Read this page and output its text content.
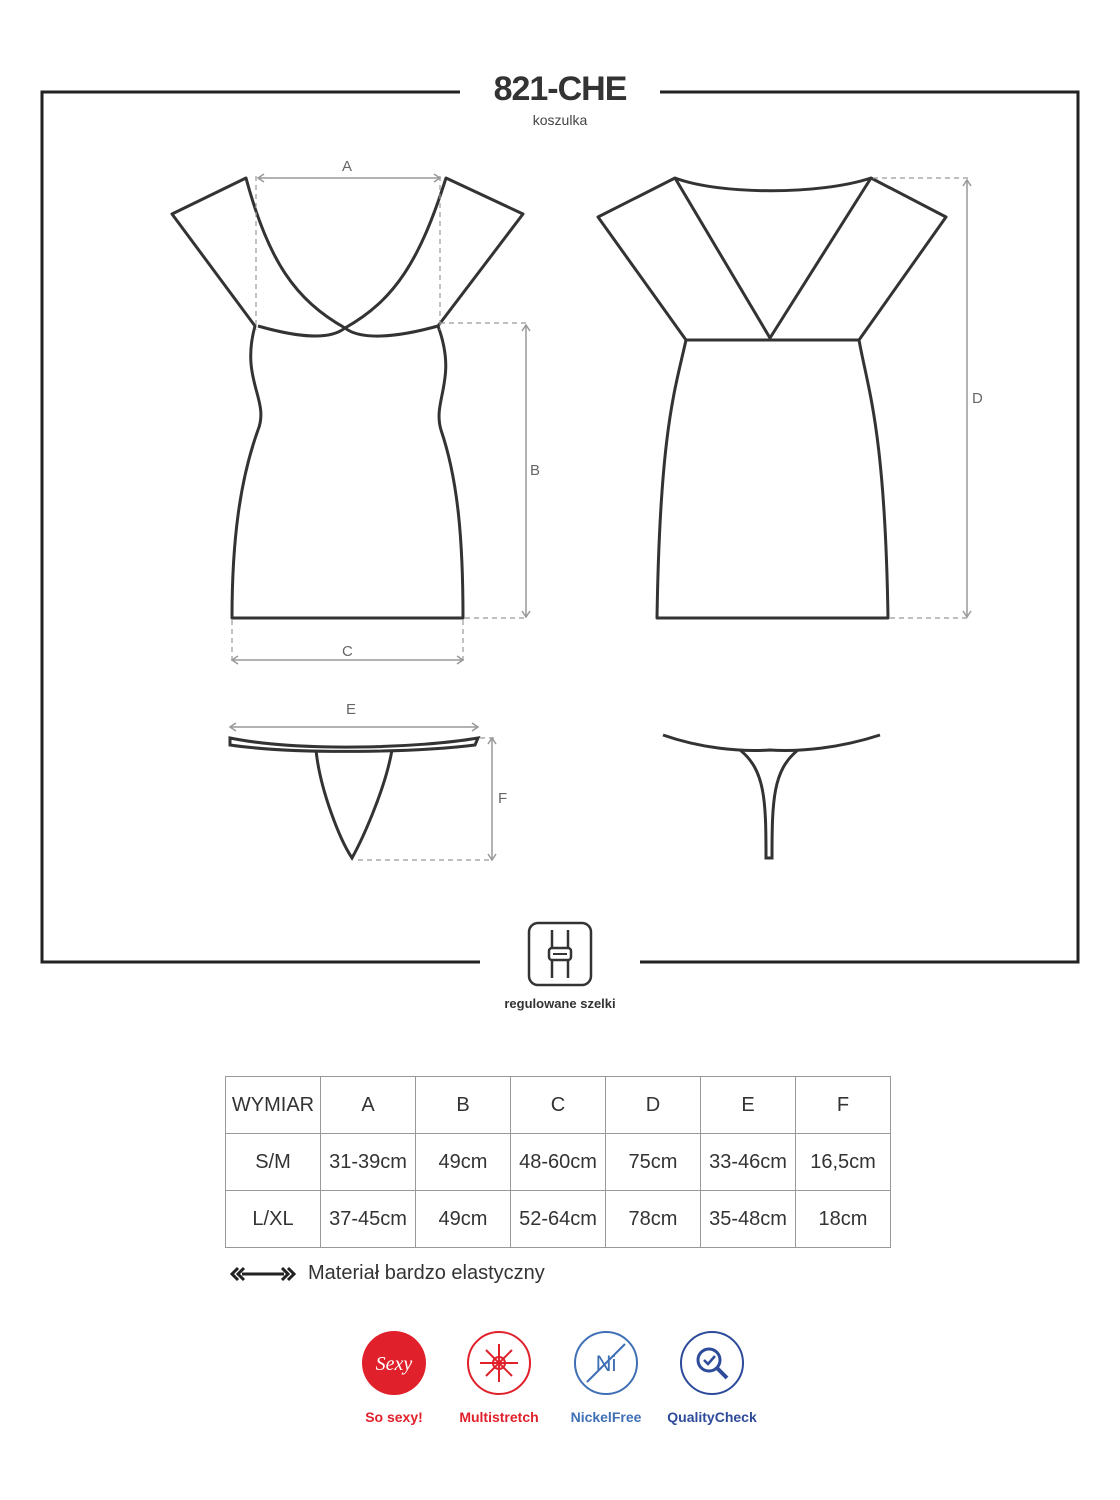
821-CHE
koszulka
A
B
C
D
E
F
regulowane szelki
WYMIAR	A	B	C	D	E	F
S/M	31-39cm	49cm	48-60cm	75cm	33-46cm	16,5cm
L/XL	37-45cm	49cm	52-64cm	78cm	35-48cm	18cm
Materiał bardzo elastyczny
Sexy
So sexy!	Multistretch
Ni
NickelFree	QualityCheck
